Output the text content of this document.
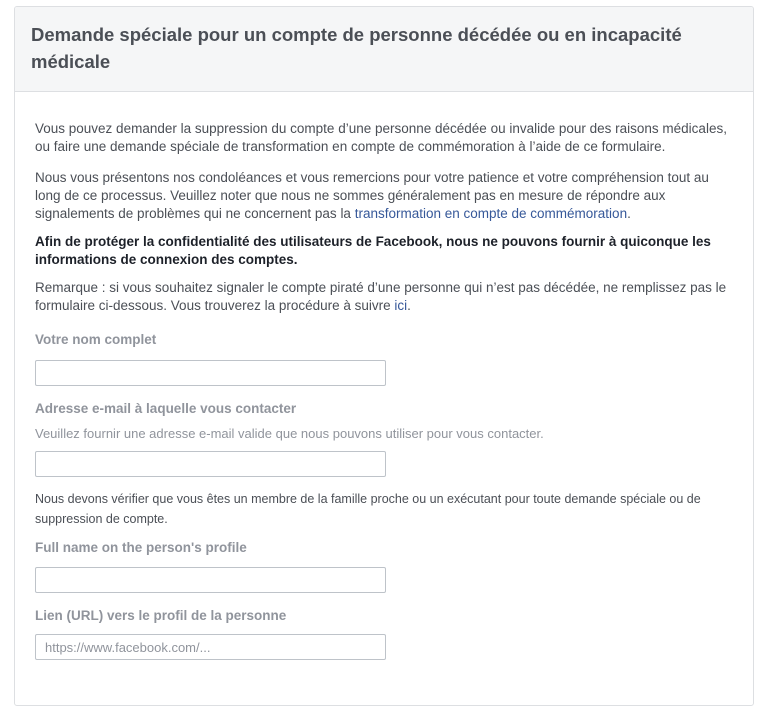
Demande spéciale pour un compte de personne décédée ou en incapacité médicale

Vous pouvez demander la suppression du compte d’une personne décédée ou invalide pour des raisons médicales, ou faire une demande spéciale de transformation en compte de commémoration à l’aide de ce formulaire.

Nous vous présentons nos condoléances et vous remercions pour votre patience et votre compréhension tout au long de ce processus. Veuillez noter que nous ne sommes généralement pas en mesure de répondre aux signalements de problèmes qui ne concernent pas la transformation en compte de commémoration.

Afin de protéger la confidentialité des utilisateurs de Facebook, nous ne pouvons fournir à quiconque les informations de connexion des comptes.

Remarque : si vous souhaitez signaler le compte piraté d’une personne qui n’est pas décédée, ne remplissez pas le formulaire ci-dessous. Vous trouverez la procédure à suivre ici.

Votre nom complet
Adresse e-mail à laquelle vous contacter
Veuillez fournir une adresse e-mail valide que nous pouvons utiliser pour vous contacter.

Nous devons vérifier que vous êtes un membre de la famille proche ou un exécutant pour toute demande spéciale ou de suppression de compte.

Full name on the person's profile
Lien (URL) vers le profil de la personne
https://www.facebook.com/...
